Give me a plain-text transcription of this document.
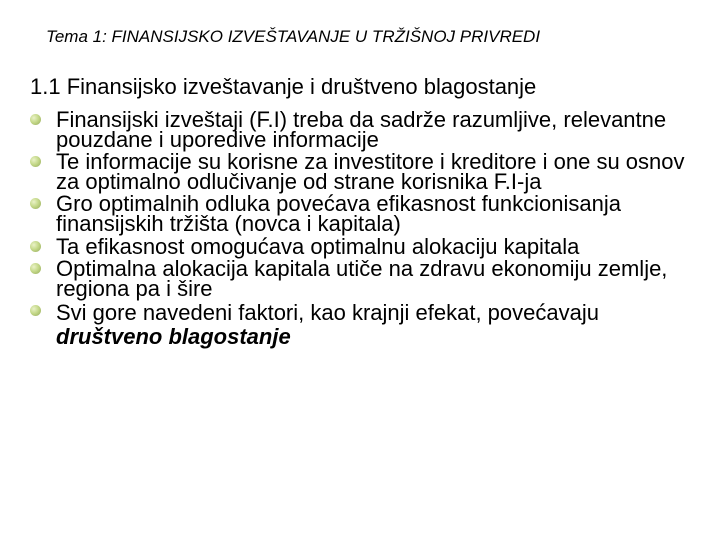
Tema 1: FINANSIJSKO IZVEŠTAVANJE U TRŽIŠNOJ PRIVREDI
1.1 Finansijsko izveštavanje i društveno blagostanje
Finansijski izveštaji (F.I) treba da sadrže razumljive, relevantne pouzdane i uporedive informacije
Te informacije su korisne za investitore i kreditore i one su osnov za optimalno odlučivanje od strane korisnika F.I-ja
Gro optimalnih odluka povećava efikasnost funkcionisanja finansijskih tržišta (novca i kapitala)
Ta efikasnost omogućava optimalnu alokaciju kapitala
Optimalna alokacija kapitala utiče na zdravu ekonomiju zemlje, regiona pa i šire
Svi gore navedeni faktori, kao krajnji efekat, povećavaju društveno blagostanje
